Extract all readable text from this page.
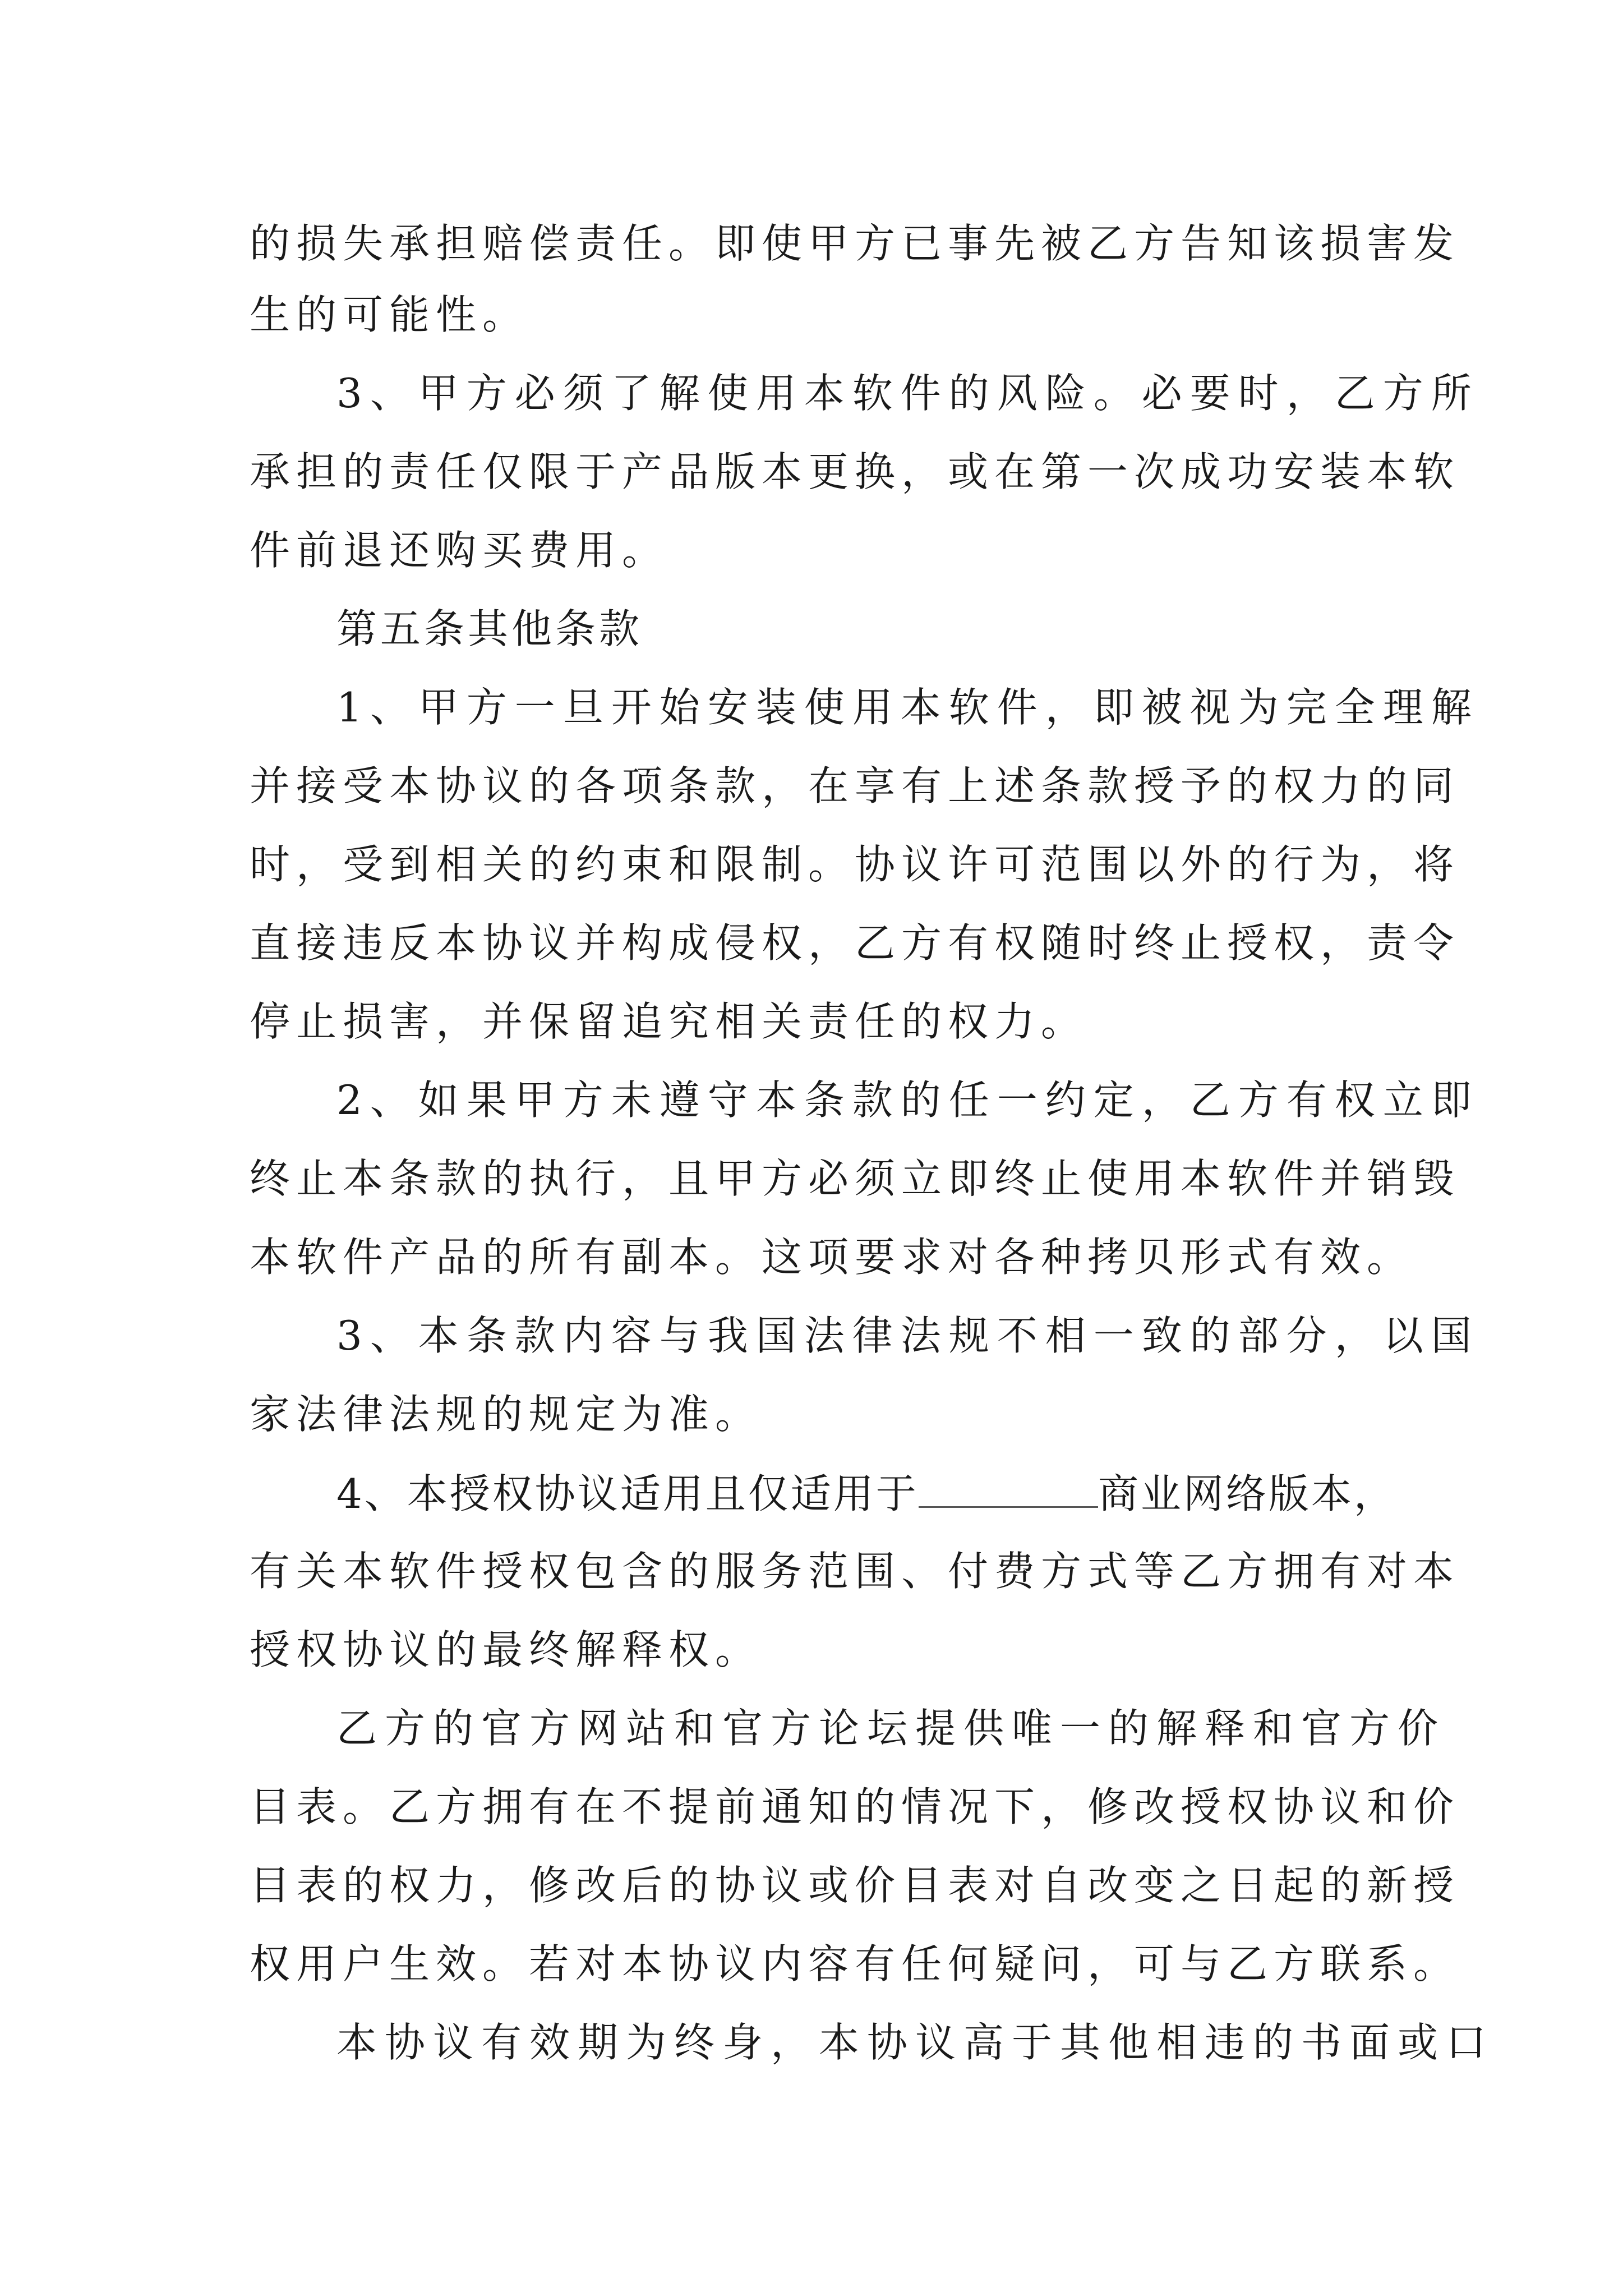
的损失承担赔偿责任。即使甲方已事先被乙方告知该损害发
生的可能性。
3、甲方必须了解使用本软件的风险。必要时，乙方所
承担的责任仅限于产品版本更换，或在第一次成功安装本软
件前退还购买费用。
第五条其他条款
1、甲方一旦开始安装使用本软件，即被视为完全理解
并接受本协议的各项条款，在享有上述条款授予的权力的同
时，受到相关的约束和限制。协议许可范围以外的行为，将
直接违反本协议并构成侵权，乙方有权随时终止授权，责令
停止损害，并保留追究相关责任的权力。
2、如果甲方未遵守本条款的任一约定，乙方有权立即
终止本条款的执行，且甲方必须立即终止使用本软件并销毁
本软件产品的所有副本。这项要求对各种拷贝形式有效。
3、本条款内容与我国法律法规不相一致的部分，以国
家法律法规的规定为准。
4、本授权协议适用且仅适用于	商业网络版本，
有关本软件授权包含的服务范围、付费方式等乙方拥有对本
授权协议的最终解释权。
乙方的官方网站和官方论坛提供唯一的解释和官方价
目表。乙方拥有在不提前通知的情况下，修改授权协议和价
目表的权力，修改后的协议或价目表对自改变之日起的新授
权用户生效。若对本协议内容有任何疑问，可与乙方联系。
本协议有效期为终身，本协议高于其他相违的书面或口
